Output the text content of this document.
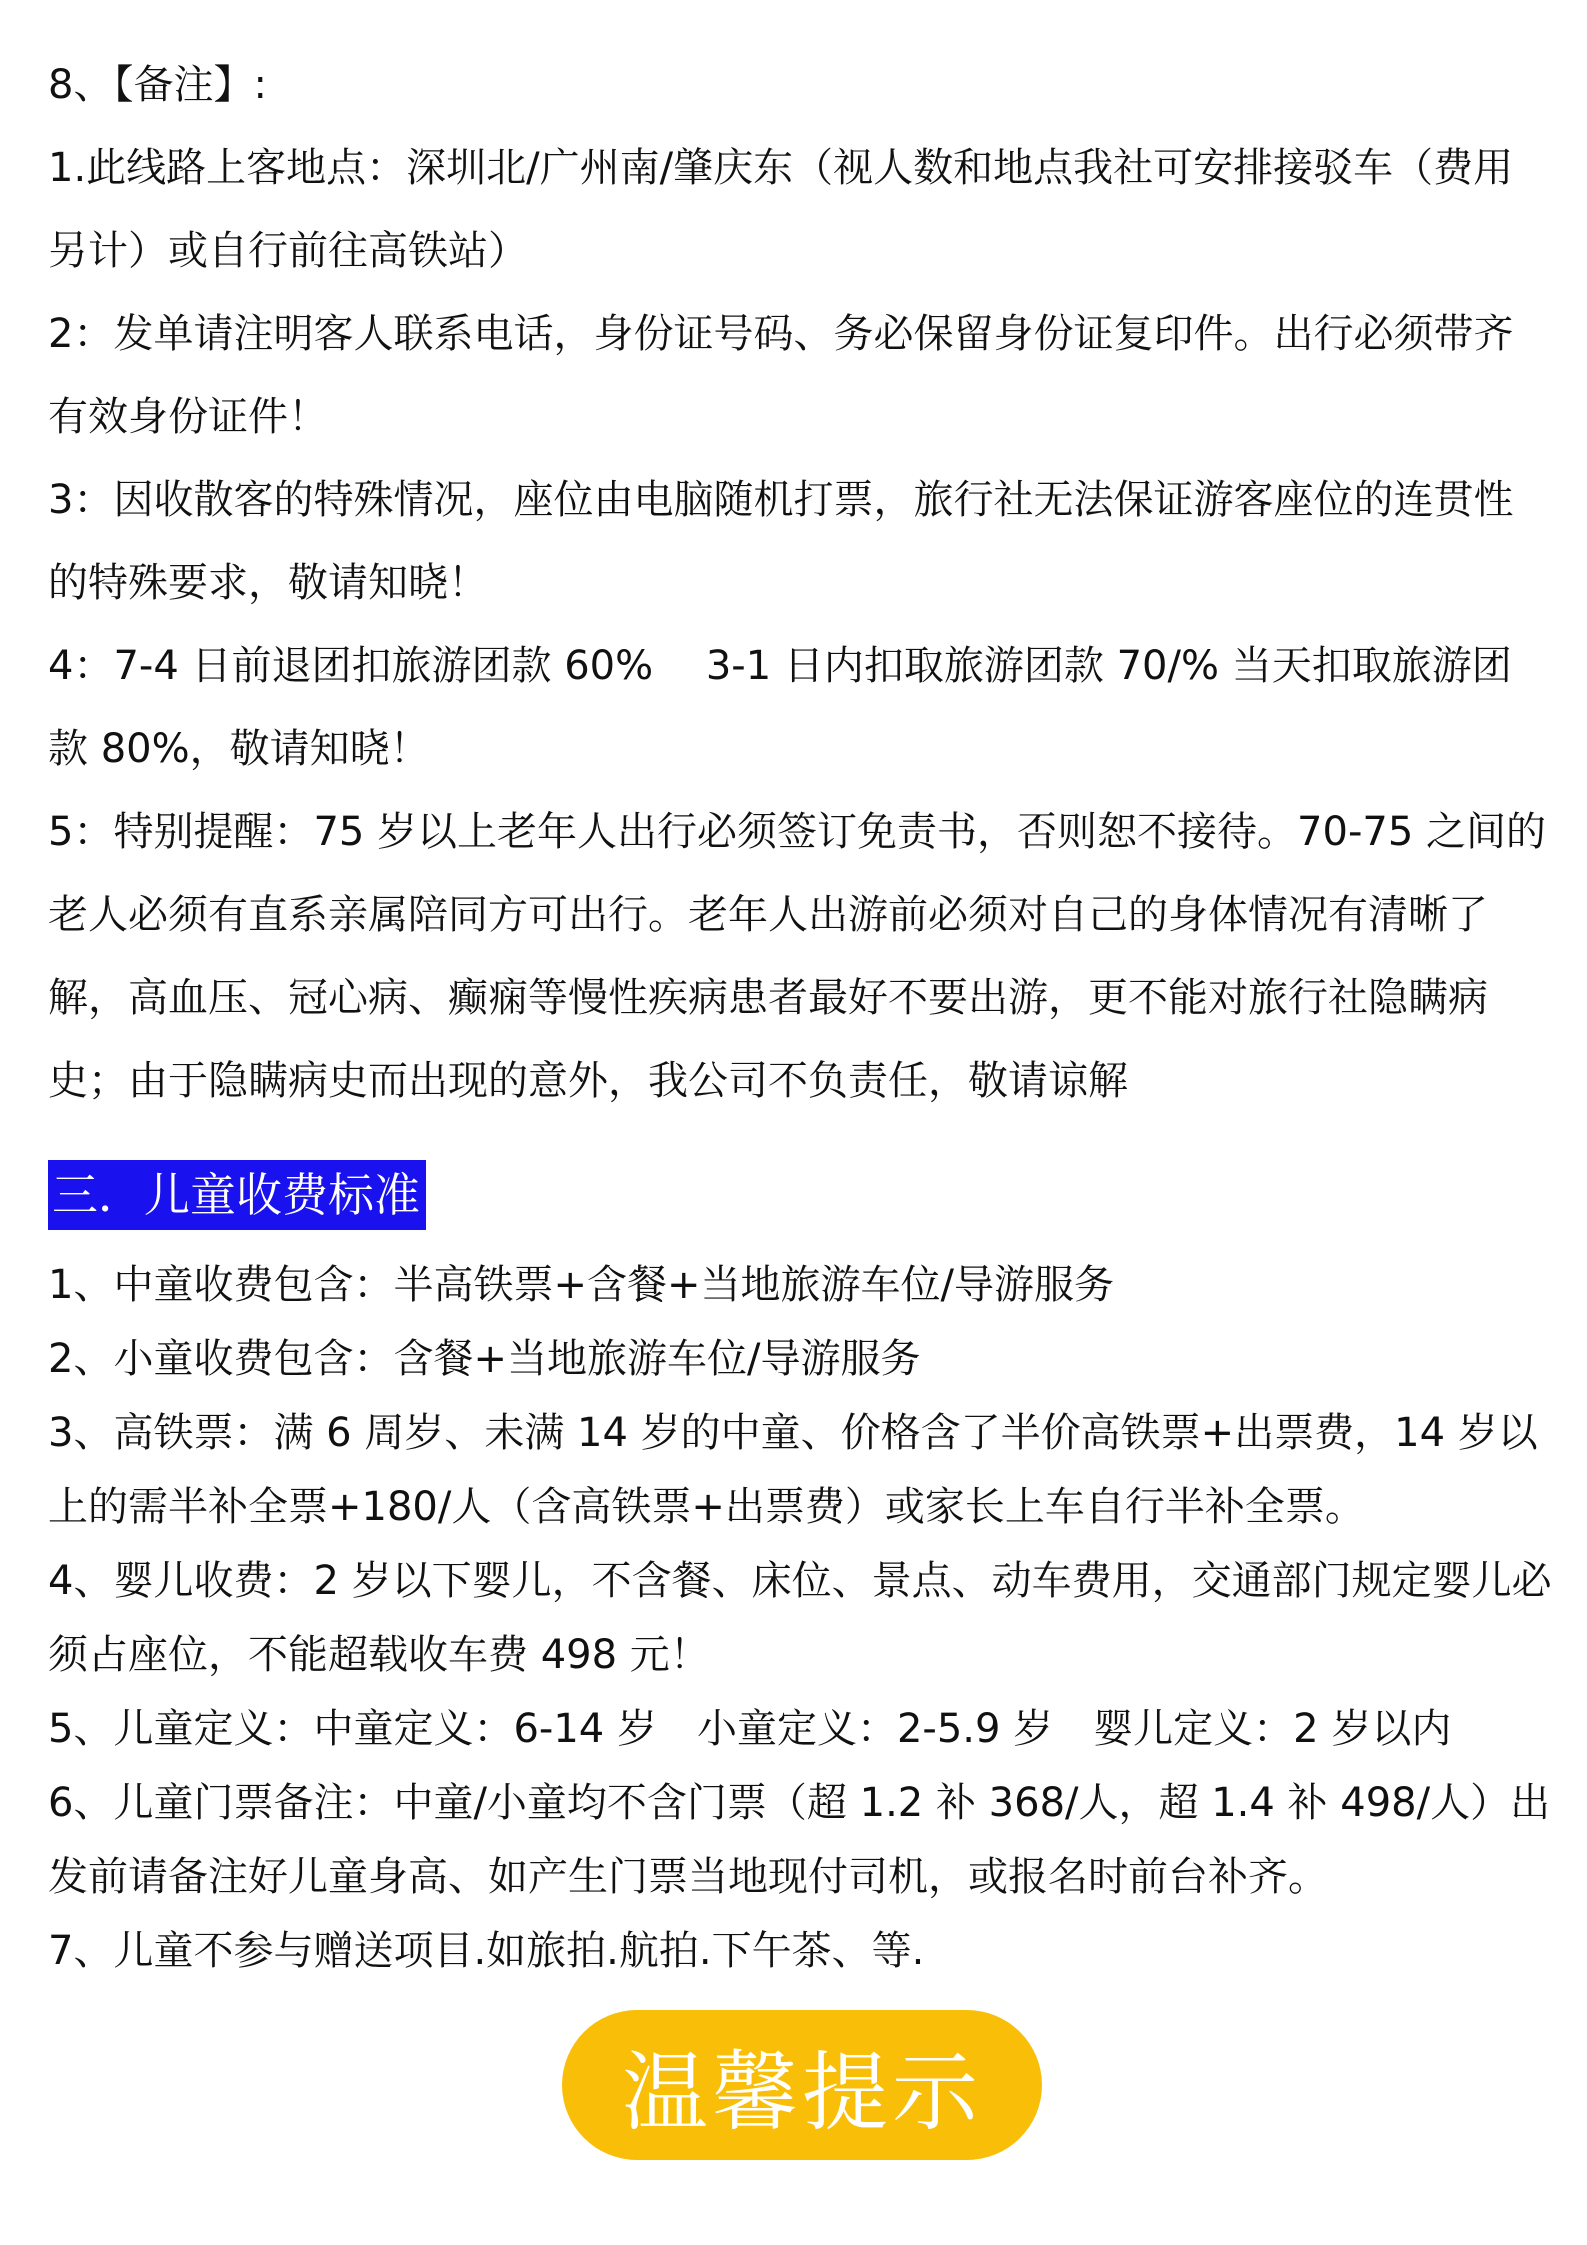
8、【备注】:

1.此线路上客地点：深圳北/广州南/肇庆东（视人数和地点我社可安排接驳车（费用另计）或自行前往高铁站）

2：发单请注明客人联系电话，身份证号码、务必保留身份证复印件。出行必须带齐有效身份证件！

3：因收散客的特殊情况，座位由电脑随机打票，旅行社无法保证游客座位的连贯性的特殊要求，敬请知晓！

4：7-4 日前退团扣旅游团款 60%　 3-1 日内扣取旅游团款 70/% 当天扣取旅游团款 80%，敬请知晓！

5：特别提醒：75 岁以上老年人出行必须签订免责书，否则恕不接待。70-75 之间的老人必须有直系亲属陪同方可出行。老年人出游前必须对自己的身体情况有清晰了解，高血压、冠心病、癫痫等慢性疾病患者最好不要出游，更不能对旅行社隐瞒病史；由于隐瞒病史而出现的意外，我公司不负责任，敬请谅解

三．儿童收费标准

1、中童收费包含：半高铁票+含餐+当地旅游车位/导游服务

2、小童收费包含：含餐+当地旅游车位/导游服务

3、高铁票：满 6 周岁、未满 14 岁的中童、价格含了半价高铁票+出票费，14 岁以上的需半补全票+180/人（含高铁票+出票费）或家长上车自行半补全票。

4、婴儿收费：2 岁以下婴儿，不含餐、床位、景点、动车费用，交通部门规定婴儿必须占座位，不能超载收车费 498 元！

5、儿童定义：中童定义：6-14 岁　小童定义：2-5.9 岁　婴儿定义：2 岁以内

6、儿童门票备注：中童/小童均不含门票（超 1.2 补 368/人，超 1.4 补 498/人）出发前请备注好儿童身高、如产生门票当地现付司机，或报名时前台补齐。

7、儿童不参与赠送项目.如旅拍.航拍.下午茶、等.

温馨提示
